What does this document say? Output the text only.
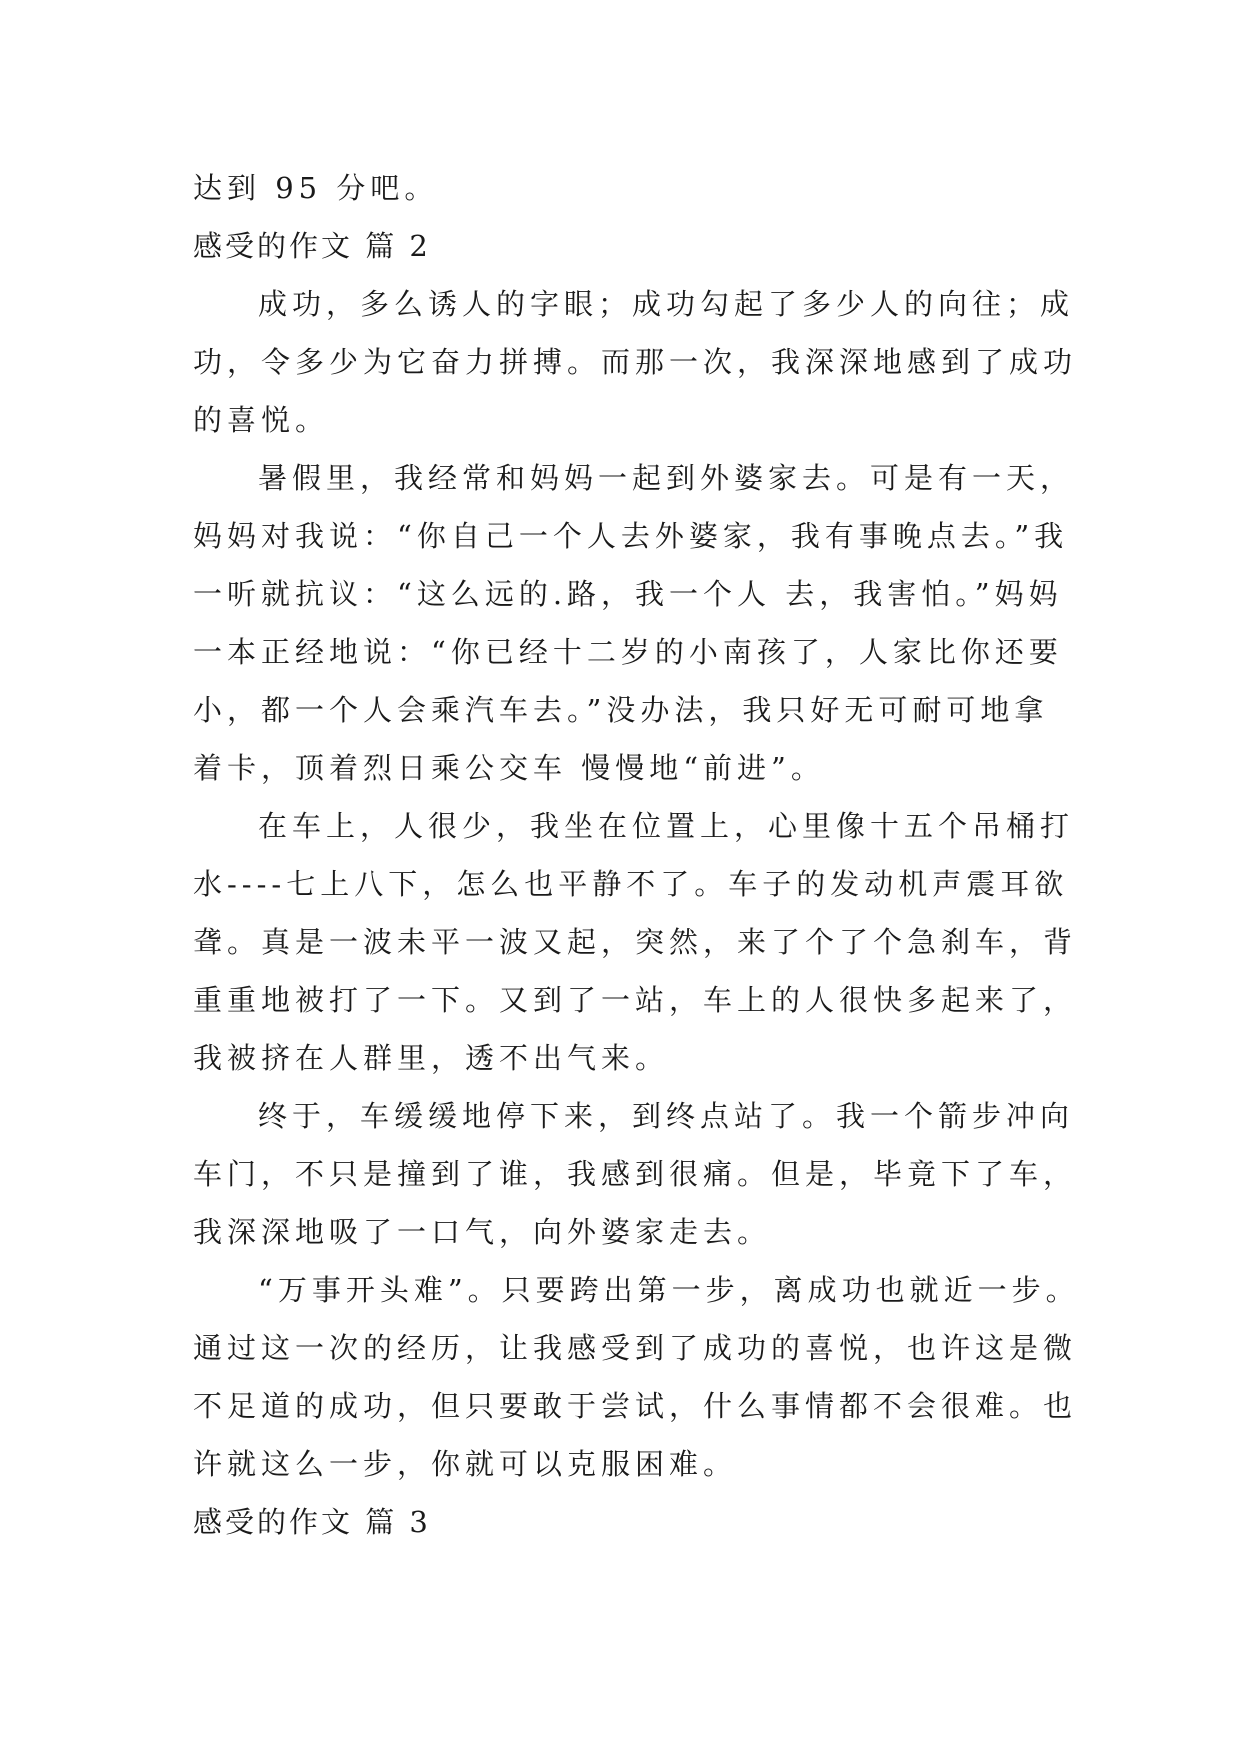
达到 95 分吧。

感受的作文 篇 2

成功，多么诱人的字眼；成功勾起了多少人的向往；成

功，令多少为它奋力拼搏。而那一次，我深深地感到了成功

的喜悦。

暑假里，我经常和妈妈一起到外婆家去。可是有一天，

妈妈对我说：“你自己一个人去外婆家，我有事晚点去。”我

一听就抗议：“这么远的.路，我一个人 去，我害怕。”妈妈

一本正经地说：“你已经十二岁的小南孩了，人家比你还要

小，都一个人会乘汽车去。”没办法，我只好无可耐可地拿

着卡，顶着烈日乘公交车 慢慢地“前进”。

在车上，人很少，我坐在位置上，心里像十五个吊桶打

水----七上八下，怎么也平静不了。车子的发动机声震耳欲

聋。真是一波未平一波又起，突然，来了个了个急刹车，背

重重地被打了一下。又到了一站，车上的人很快多起来了，

我被挤在人群里，透不出气来。

终于，车缓缓地停下来，到终点站了。我一个箭步冲向

车门，不只是撞到了谁，我感到很痛。但是，毕竟下了车，

我深深地吸了一口气，向外婆家走去。

“万事开头难”。只要跨出第一步，离成功也就近一步。

通过这一次的经历，让我感受到了成功的喜悦，也许这是微

不足道的成功，但只要敢于尝试，什么事情都不会很难。也

许就这么一步，你就可以克服困难。

感受的作文 篇 3
